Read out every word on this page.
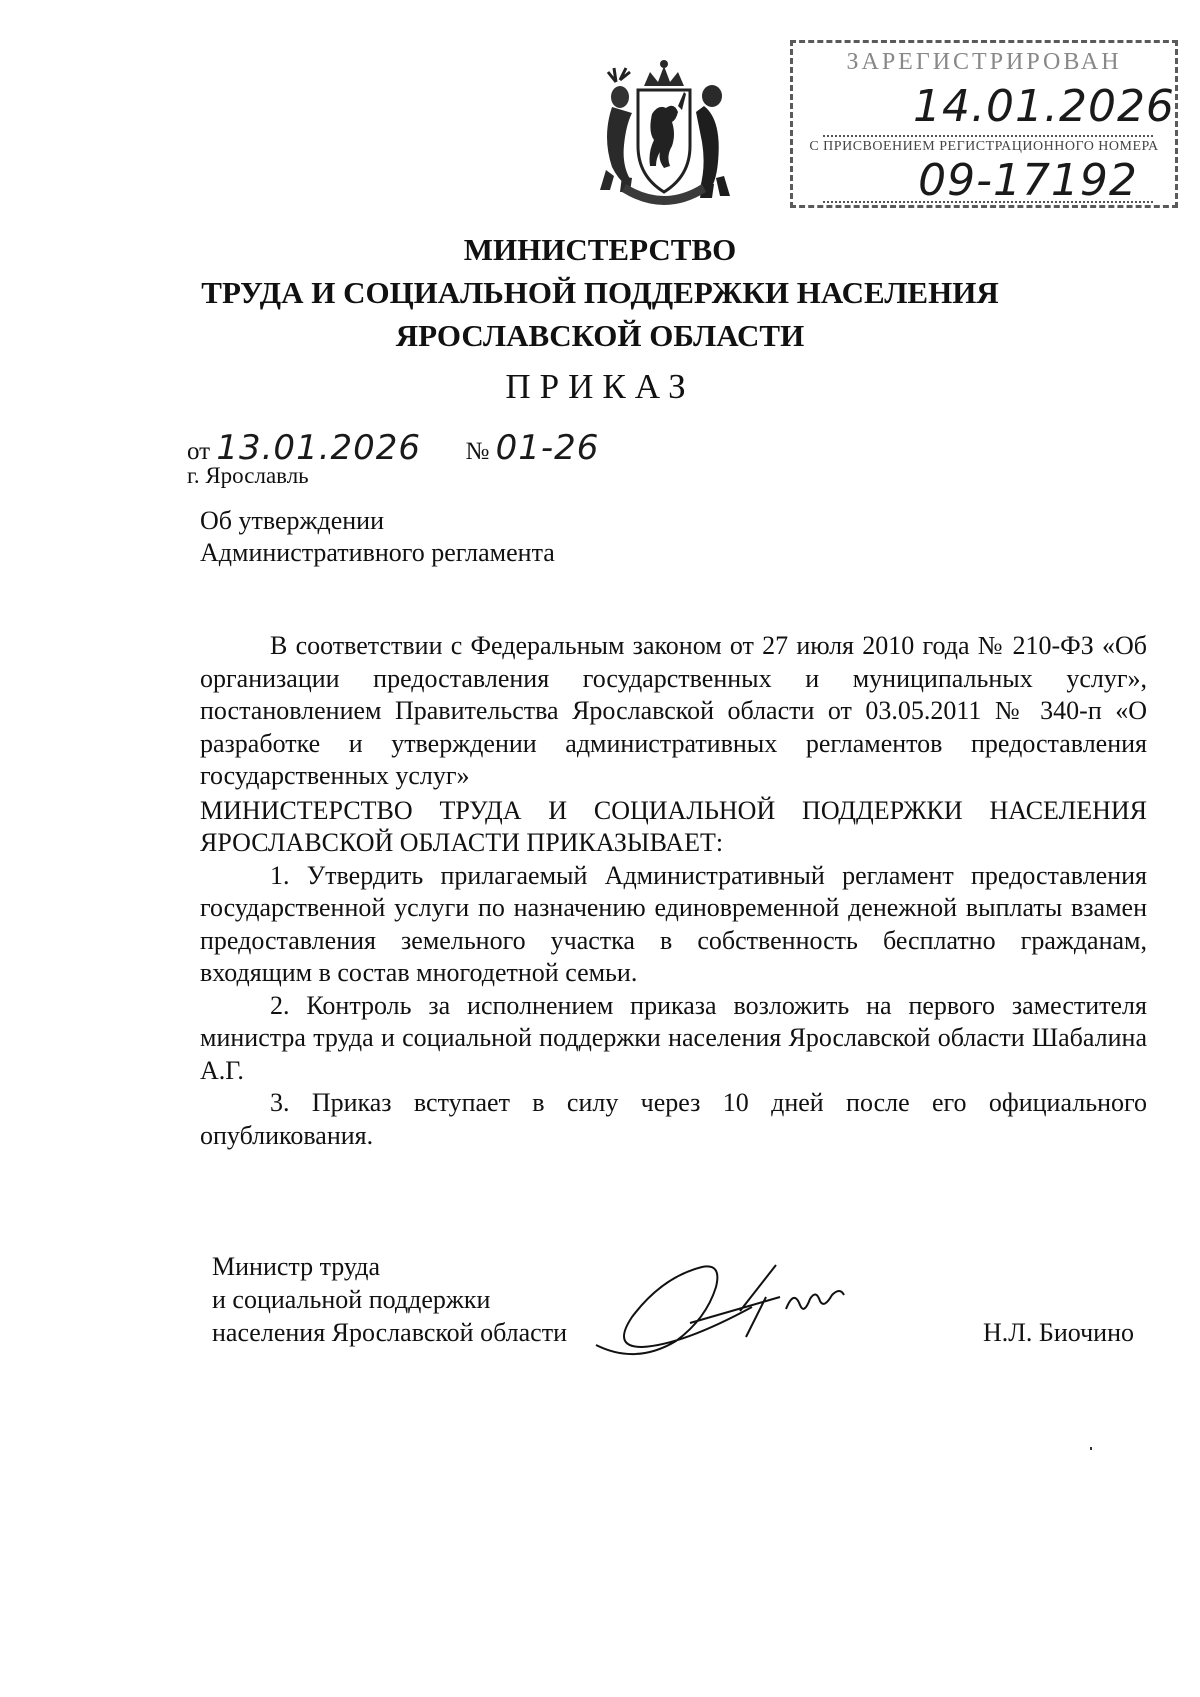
ЗАРЕГИСТРИРОВАН
14.01.2026
С ПРИСВОЕНИЕМ РЕГИСТРАЦИОННОГО НОМЕРА
09-17192
МИНИСТЕРСТВО
ТРУДА И СОЦИАЛЬНОЙ ПОДДЕРЖКИ НАСЕЛЕНИЯ
ЯРОСЛАВСКОЙ ОБЛАСТИ
ПРИКАЗ
от 13.01.2026 № 01-26
г. Ярославль
Об утверждении
Административного регламента

В соответствии с Федеральным законом от 27 июля 2010 года № 210-ФЗ «Об организации предоставления государственных и муниципальных услуг», постановлением Правительства Ярославской области от 03.05.2011 № 340-п «О разработке и утверждении административных регламентов предоставления государственных услуг»

МИНИСТЕРСТВО ТРУДА И СОЦИАЛЬНОЙ ПОДДЕРЖКИ НАСЕЛЕНИЯ ЯРОСЛАВСКОЙ ОБЛАСТИ ПРИКАЗЫВАЕТ:

1. Утвердить прилагаемый Административный регламент предоставления государственной услуги по назначению единовременной денежной выплаты взамен предоставления земельного участка в собственность бесплатно гражданам, входящим в состав многодетной семьи.

2. Контроль за исполнением приказа возложить на первого заместителя министра труда и социальной поддержки населения Ярославской области Шабалина А.Г.

3. Приказ вступает в силу через 10 дней после его официального опубликования.

Министр труда
и социальной поддержки
населения Ярославской области	Н.Л. Биочино
